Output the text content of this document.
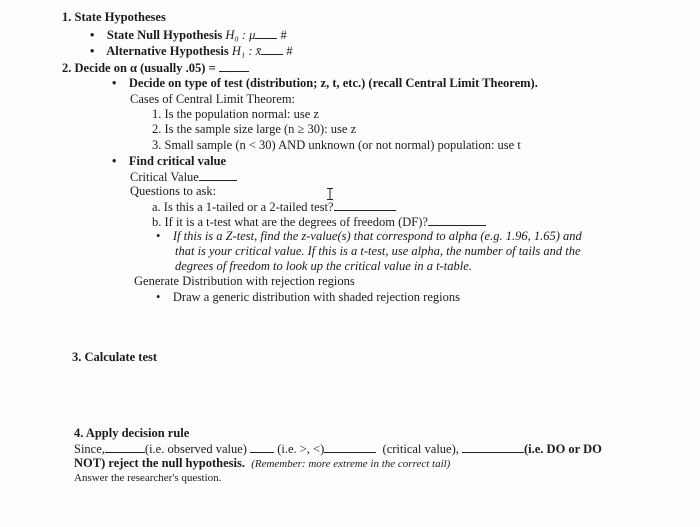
1. State Hypotheses
• State Null Hypothesis H₀ : μ #
• Alternative Hypothesis H₁ : x̄ #
2. Decide on α (usually .05) =
• Decide on type of test (distribution; z, t, etc.) (recall Central Limit Theorem).
Cases of Central Limit Theorem:
1. Is the population normal: use z
2. Is the sample size large (n ≥ 30): use z
3. Small sample (n < 30) AND unknown (or not normal) population: use t
• Find critical value
Critical Value
Questions to ask:
a. Is this a 1-tailed or a 2-tailed test?
b. If it is a t-test what are the degrees of freedom (DF)?
• If this is a Z-test, find the z-value(s) that correspond to alpha (e.g. 1.96, 1.65) and
that is your critical value. If this is a t-test, use alpha, the number of tails and the
degrees of freedom to look up the critical value in a t-table.
Generate Distribution with rejection regions
• Draw a generic distribution with shaded rejection regions
3. Calculate test
4. Apply decision rule
Since,	(i.e. observed value) (i.e. >, <)	(critical value),	(i.e. DO or DO
NOT) reject the null hypothesis. (Remember: more extreme in the correct tail)
Answer the researcher's question.
